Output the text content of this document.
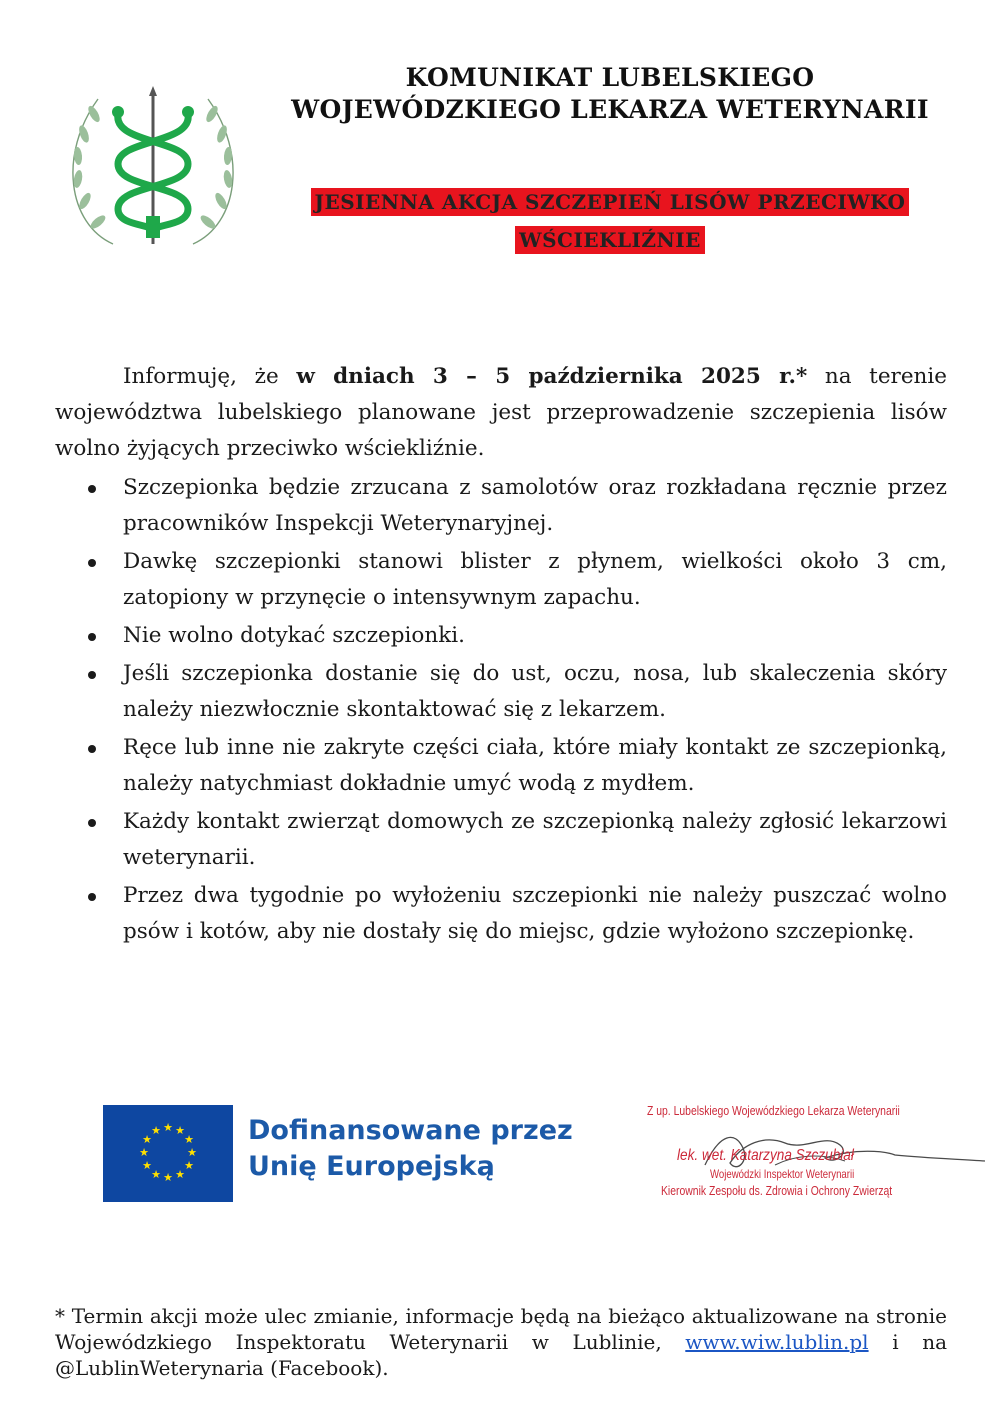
KOMUNIKAT LUBELSKIEGO
WOJEWÓDZKIEGO LEKARZA WETERYNARII
JESIENNA AKCJA SZCZEPIEŃ LISÓW PRZECIWKO WŚCIEKLIŹNIE

Informuję, że w dniach 3 – 5 października 2025 r.* na terenie województwa lubelskiego planowane jest przeprowadzenie szczepienia lisów wolno żyjących przeciwko wściekliźnie.

Szczepionka będzie zrzucana z samolotów oraz rozkładana ręcznie przez pracowników Inspekcji Weterynaryjnej.
Dawkę szczepionki stanowi blister z płynem, wielkości około 3 cm, zatopiony w przynęcie o intensywnym zapachu.
Nie wolno dotykać szczepionki.
Jeśli szczepionka dostanie się do ust, oczu, nosa, lub skaleczenia skóry należy niezwłocznie skontaktować się z lekarzem.
Ręce lub inne nie zakryte części ciała, które miały kontakt ze szczepionką, należy natychmiast dokładnie umyć wodą z mydłem.
Każdy kontakt zwierząt domowych ze szczepionką należy zgłosić lekarzowi weterynarii.
Przez dwa tygodnie po wyłożeniu szczepionki nie należy puszczać wolno psów i kotów, aby nie dostały się do miejsc, gdzie wyłożono szczepionkę.
★ ★
★
★
★
★
★
★
★
★
★
★	Dofinansowane przez
Unię Europejską
Z up. Lubelskiego Wojewódzkiego Lekarza Weterynarii
lek. wet. Katarzyna Szczubiał
Wojewódzki Inspektor Weterynarii
Kierownik Zespołu ds. Zdrowia i Ochrony Zwierząt

* Termin akcji może ulec zmianie, informacje będą na bieżąco aktualizowane na stronie Wojewódzkiego Inspektoratu Weterynarii w Lublinie, www.wiw.lublin.pl i na @LublinWeterynaria (Facebook).
